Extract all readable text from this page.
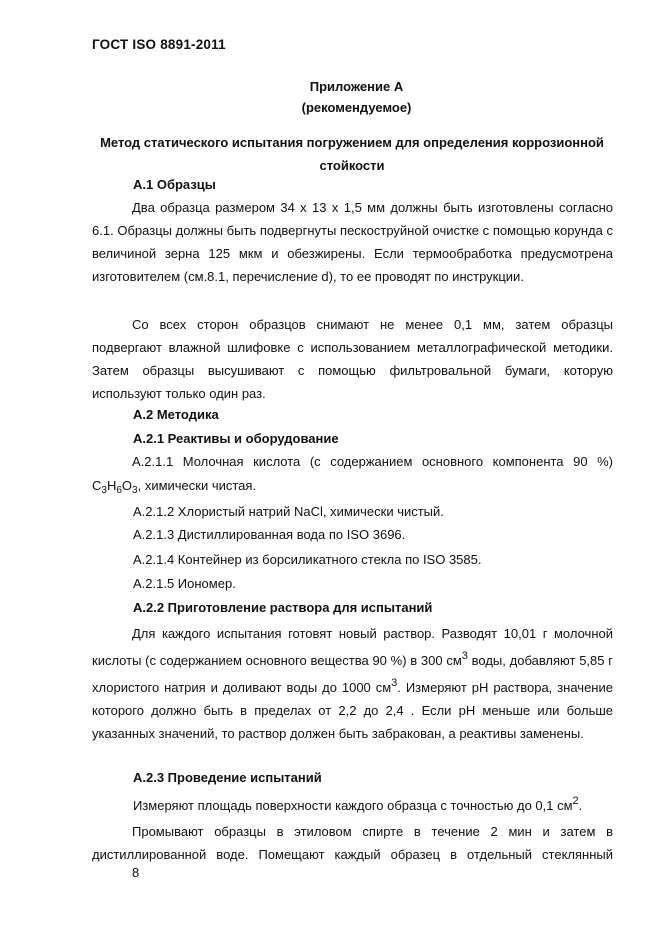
ГОСТ ISO 8891-2011
Приложение А
(рекомендуемое)
Метод статического испытания погружением для определения коррозионной стойкости
А.1 Образцы

Два образца размером 34 х 13 х 1,5 мм должны быть изготовлены согласно 6.1. Образцы должны быть подвергнуты пескоструйной очистке с помощью корунда с величиной зерна 125 мкм и обезжирены. Если термообработка предусмотрена изготовителем (см.8.1, перечисление d), то ее проводят по инструкции.

Со всех сторон образцов снимают не менее 0,1 мм, затем образцы подвергают влажной шлифовке с использованием металлографической методики. Затем образцы высушивают с помощью фильтровальной бумаги, которую используют только один раз.

А.2 Методика
А.2.1 Реактивы и оборудование

А.2.1.1 Молочная кислота (с содержанием основного компонента 90 %)

$C_3H_6O_3$, химически чистая.
А.2.1.2 Хлористый натрий NaCl, химически чистый.
А.2.1.3 Дистиллированная вода по ISO 3696.
А.2.1.4 Контейнер из борсиликатного стекла по ISO 3585.
А.2.1.5 Иономер.
А.2.2 Приготовление раствора для испытаний

Для каждого испытания готовят новый раствор. Разводят 10,01 г молочной кислоты (с содержанием основного вещества 90 %) в 300 $см^3$ воды, добавляют 5,85 г хлористого натрия и доливают воды до 1000 $см^3$. Измеряют pH раствора, значение которого должно быть в пределах от 2,2 до 2,4 . Если pH меньше или больше указанных значений, то раствор должен быть забракован, а реактивы заменены.

А.2.3 Проведение испытаний
Измеряют площадь поверхности каждого образца с точностью до 0,1 $см^2$.

Промывают образцы в этиловом спирте в течение 2 мин и затем в дистиллированной воде. Помещают каждый образец в отдельный стеклянный

8
